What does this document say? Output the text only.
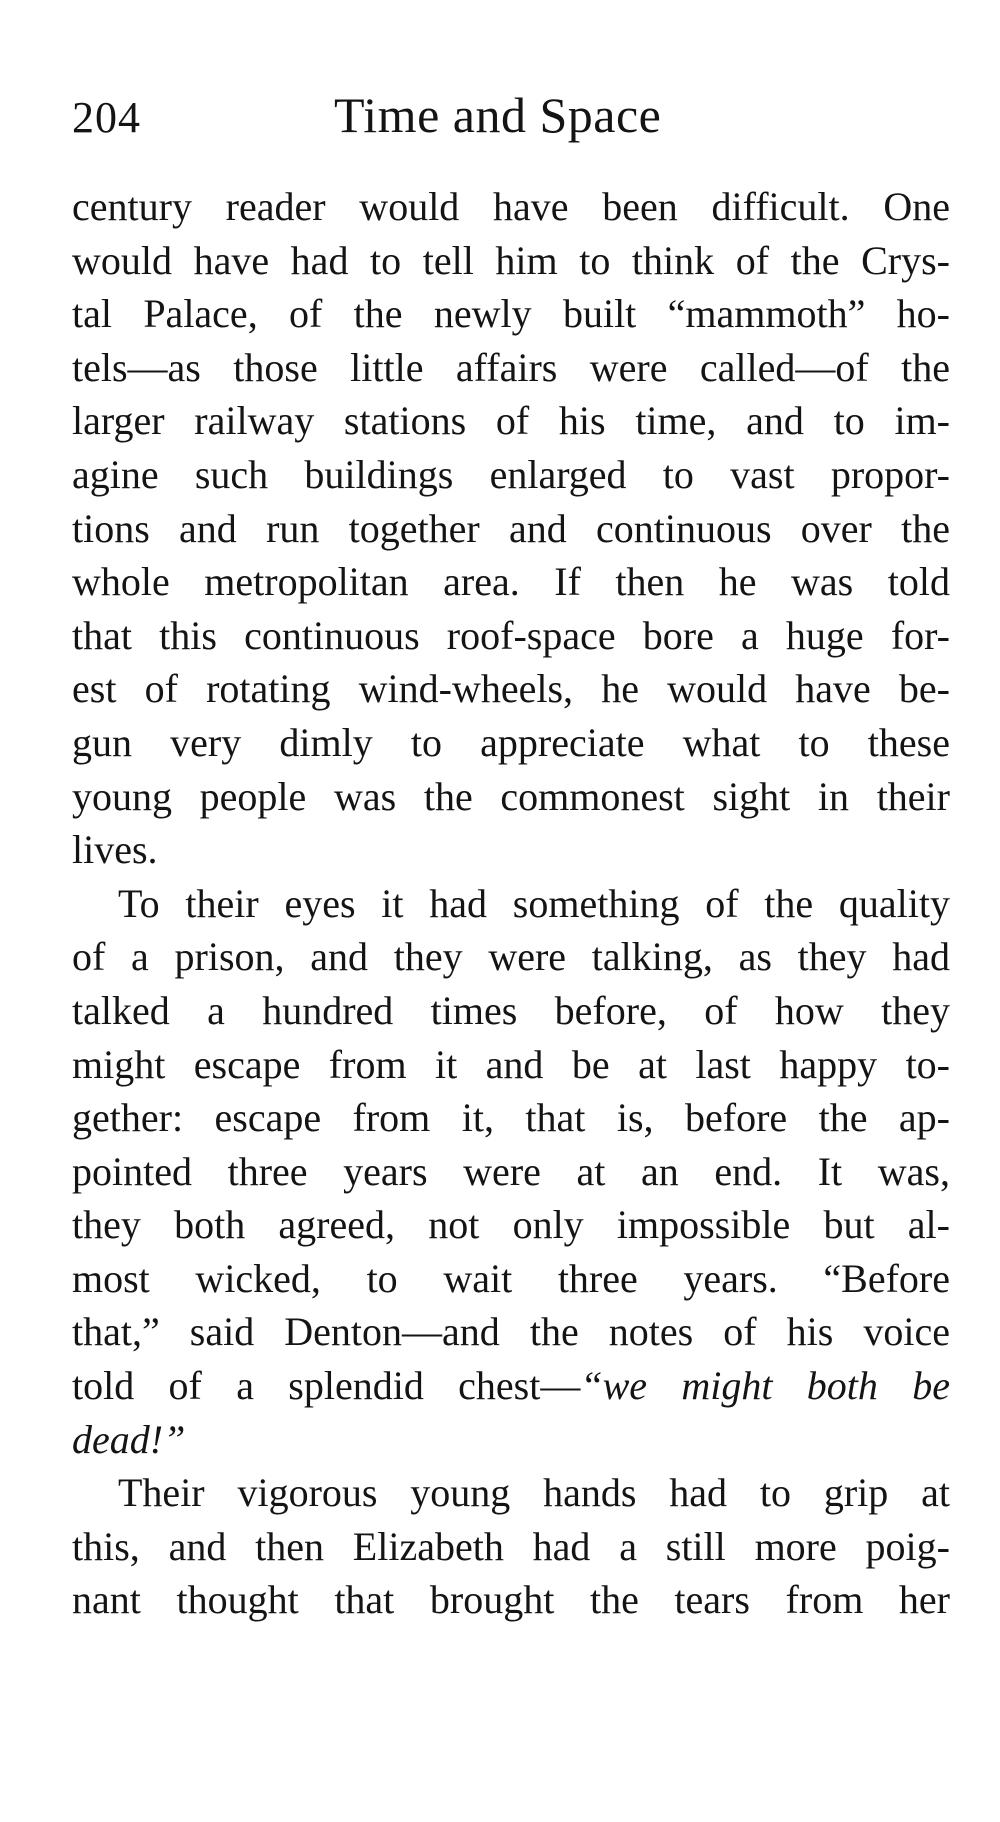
204	Time and Space
century reader would have been difficult. One
would have had to tell him to think of the Crys-
tal Palace, of the newly built “mammoth” ho-
tels—as those little affairs were called—of the
larger railway stations of his time, and to im-
agine such buildings enlarged to vast propor-
tions and run together and continuous over the
whole metropolitan area. If then he was told
that this continuous roof-space bore a huge for-
est of rotating wind-wheels, he would have be-
gun very dimly to appreciate what to these
young people was the commonest sight in their
lives.
To their eyes it had something of the quality
of a prison, and they were talking, as they had
talked a hundred times before, of how they
might escape from it and be at last happy to-
gether: escape from it, that is, before the ap-
pointed three years were at an end. It was,
they both agreed, not only impossible but al-
most wicked, to wait three years. “Before
that,” said Denton—and the notes of his voice
told of a splendid chest—“we might both be
dead!”
Their vigorous young hands had to grip at
this, and then Elizabeth had a still more poig-
nant thought that brought the tears from her
